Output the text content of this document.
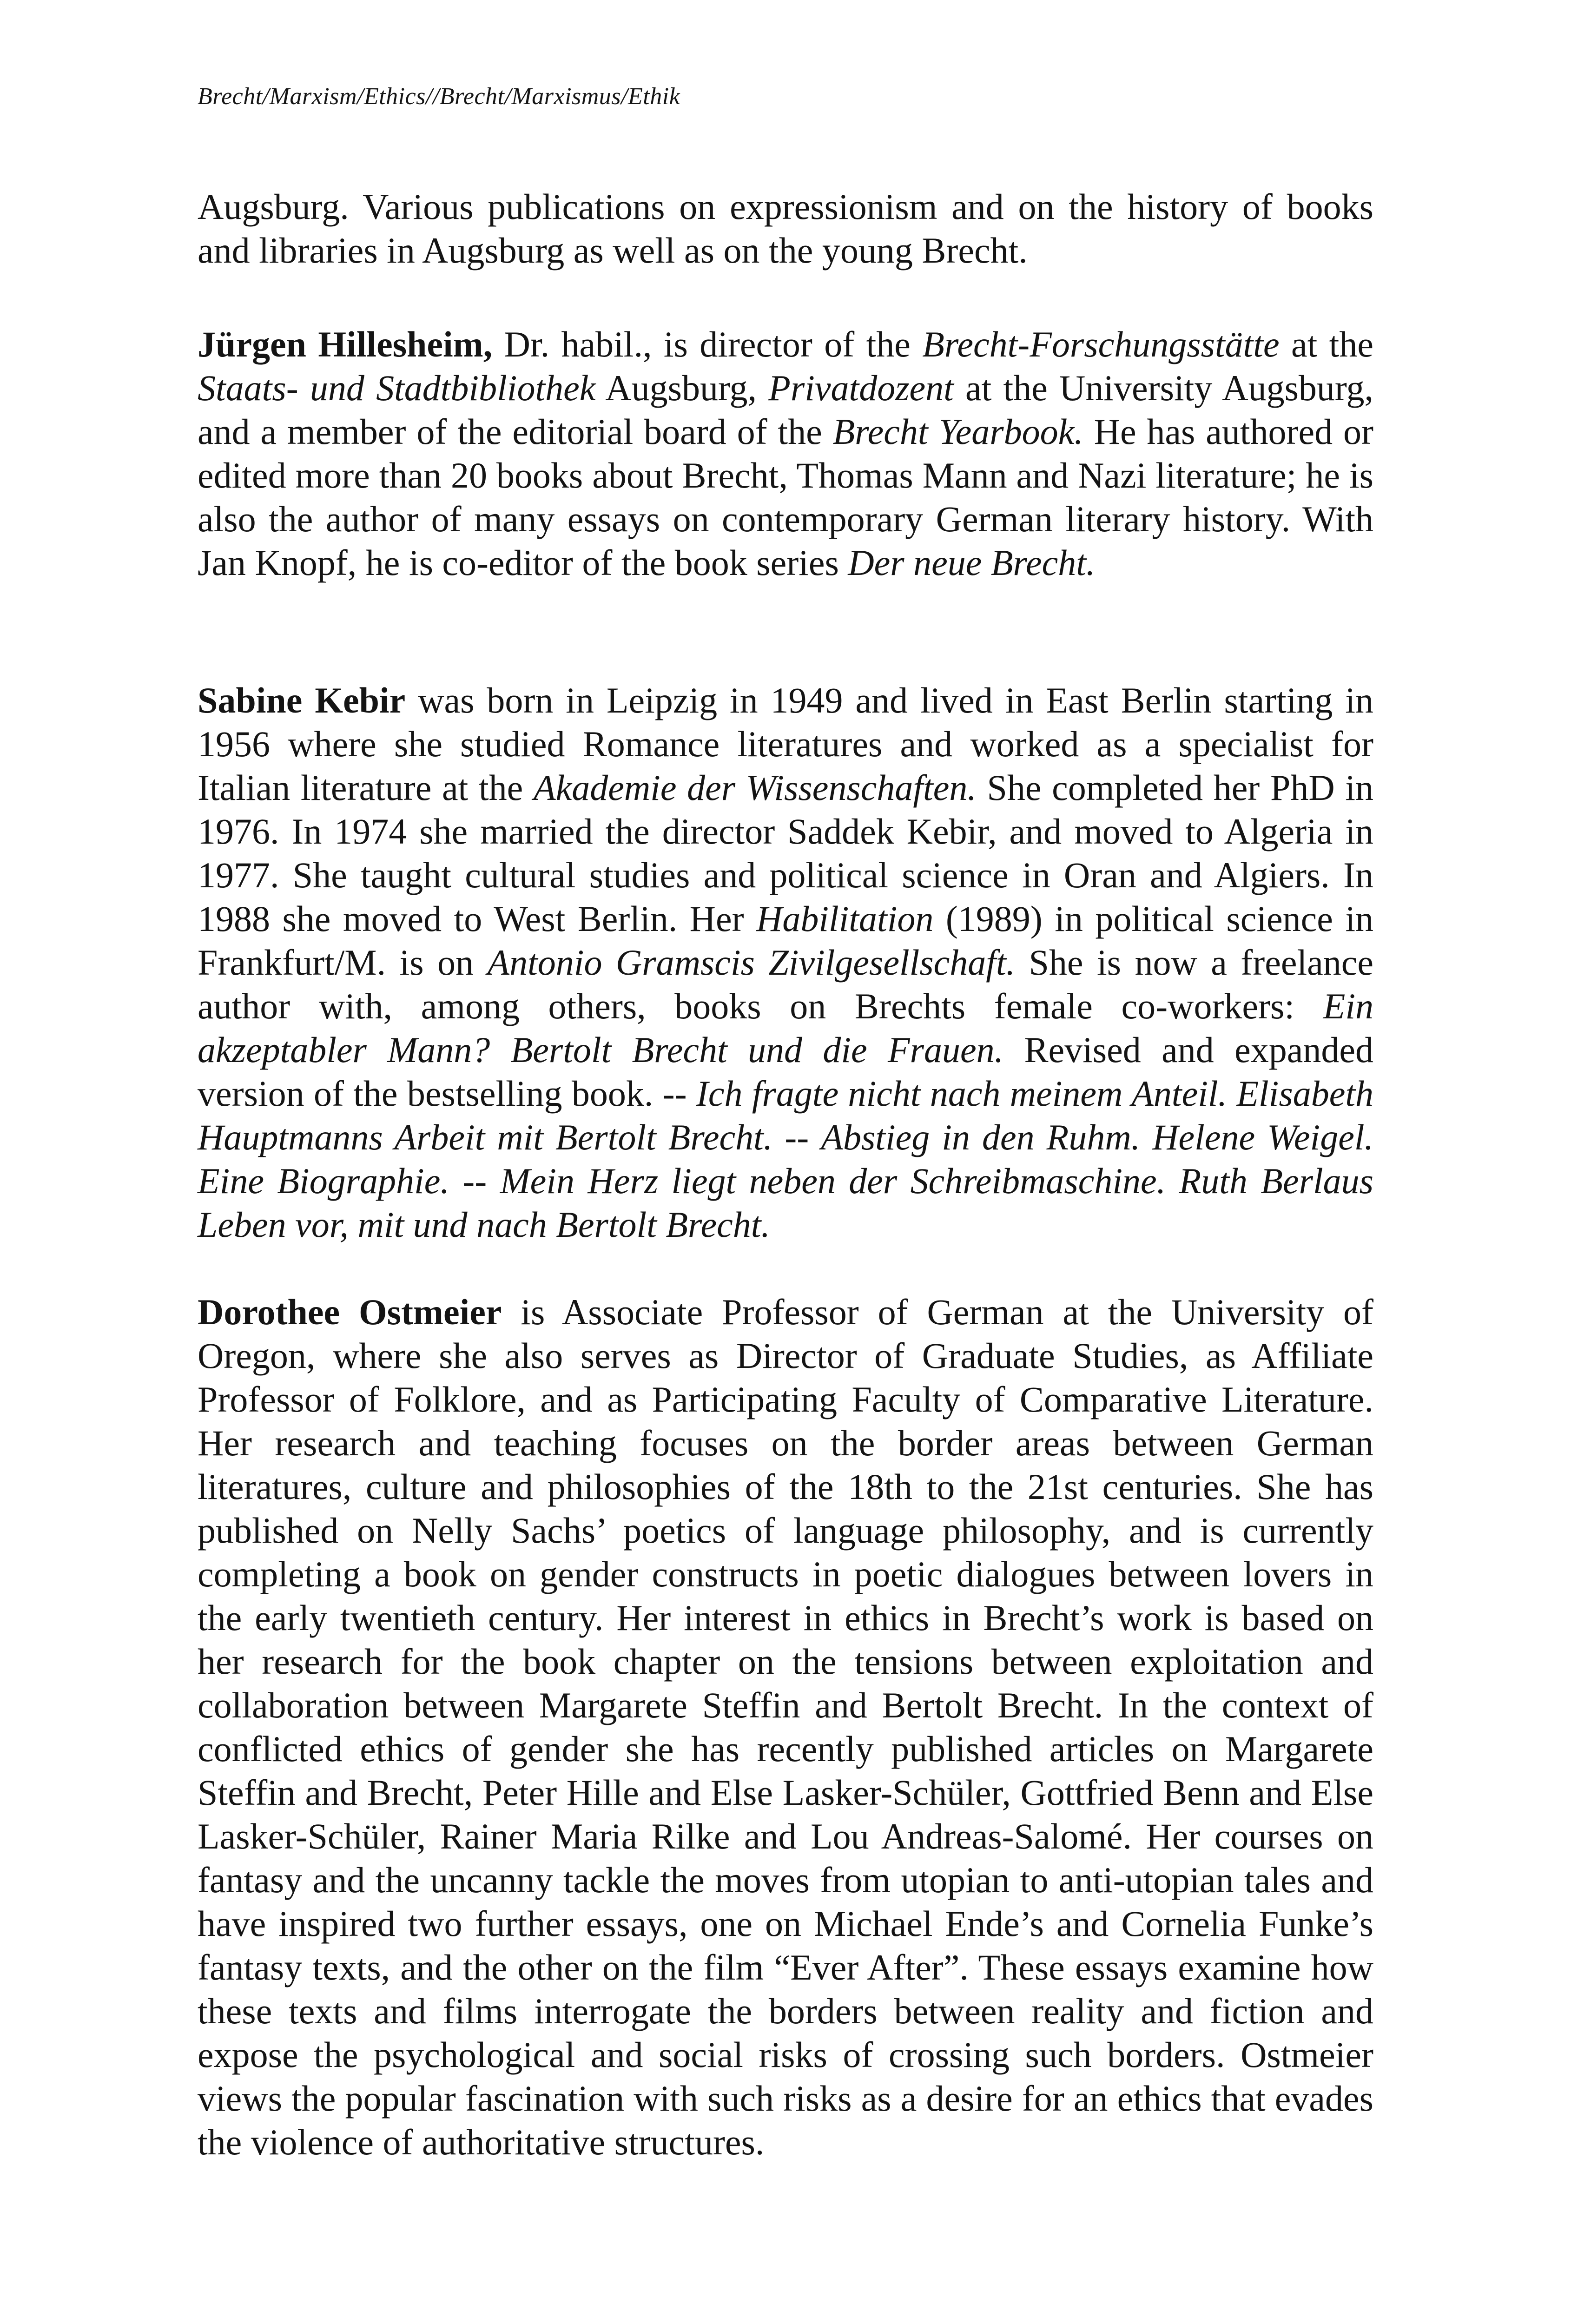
Brecht/Marxism/Ethics//Brecht/Marxismus/Ethik

Augsburg. Various publications on expressionism and on the history of books and libraries in Augsburg as well as on the young Brecht.

Jürgen Hillesheim, Dr. habil., is director of the Brecht-Forschungsstätte at the Staats- und Stadtbibliothek Augsburg, Privatdozent at the University Augsburg, and a member of the editorial board of the Brecht Yearbook. He has authored or edited more than 20 books about Brecht, Thomas Mann and Nazi literature; he is also the author of many essays on contemporary German literary history. With Jan Knopf, he is co-editor of the book series Der neue Brecht.

Sabine Kebir was born in Leipzig in 1949 and lived in East Berlin starting in 1956 where she studied Romance literatures and worked as a specialist for Italian literature at the Akademie der Wissenschaften. She completed her PhD in 1976. In 1974 she married the director Saddek Kebir, and moved to Algeria in 1977. She taught cultural studies and political science in Oran and Algiers. In 1988 she moved to West Berlin. Her Habilitation (1989) in political science in Frankfurt/M. is on Antonio Gramscis Zivilgesellschaft. She is now a freelance author with, among others, books on Brechts female co-workers: Ein akzeptabler Mann? Bertolt Brecht und die Frauen. Revised and expanded version of the bestselling book. -- Ich fragte nicht nach meinem Anteil. Elisabeth Hauptmanns Arbeit mit Bertolt Brecht. -- Abstieg in den Ruhm. Helene Weigel. Eine Biographie. -- Mein Herz liegt neben der Schreibmaschine. Ruth Berlaus Leben vor, mit und nach Bertolt Brecht.

Dorothee Ostmeier is Associate Professor of German at the University of Oregon, where she also serves as Director of Graduate Studies, as Affiliate Professor of Folklore, and as Participating Faculty of Comparative Literature. Her research and teaching focuses on the border areas between German literatures, culture and philosophies of the 18th to the 21st centuries. She has published on Nelly Sachs’ poetics of language philosophy, and is currently completing a book on gender constructs in poetic dialogues between lovers in the early twentieth century. Her interest in ethics in Brecht’s work is based on her research for the book chapter on the tensions between exploitation and collaboration between Margarete Steffin and Bertolt Brecht. In the context of conflicted ethics of gender she has recently published articles on Margarete Steffin and Brecht, Peter Hille and Else Lasker-Schüler, Gottfried Benn and Else Lasker-Schüler, Rainer Maria Rilke and Lou Andreas-Salomé. Her courses on fantasy and the uncanny tackle the moves from utopian to anti-utopian tales and have inspired two further essays, one on Michael Ende’s and Cornelia Funke’s fantasy texts, and the other on the film “Ever After”. These essays examine how these texts and films interrogate the borders between reality and fiction and expose the psychological and social risks of crossing such borders. Ostmeier views the popular fascination with such risks as a desire for an ethics that evades the violence of authoritative structures.
